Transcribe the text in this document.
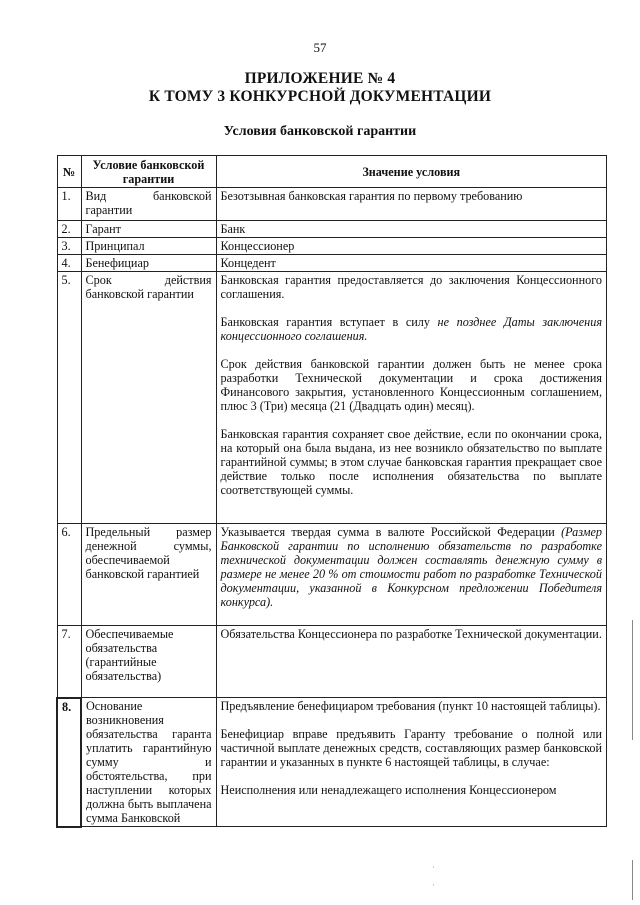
57
ПРИЛОЖЕНИЕ № 4
К ТОМУ 3 КОНКУРСНОЙ ДОКУМЕНТАЦИИ
Условия банковской гарантии
№	Условие банковской гарантии	Значение условия
1.	Вид банковской гарантии	Безотзывная банковская гарантия по первому требованию
2.	Гарант	Банк
3.	Принципал	Концессионер
4.	Бенефициар	Концедент
5.	Срок действия банковской гарантии	Банковская гарантия предоставляется до заключения Концессионного соглашения.
Банковская гарантия вступает в силу не позднее Даты заключения концессионного соглашения.
Срок действия банковской гарантии должен быть не менее срока разработки Технической документации и срока достижения Финансового закрытия, установленного Концессионным соглашением, плюс 3 (Три) месяца (21 (Двадцать один) месяц).
Банковская гарантия сохраняет свое действие, если по окончании срока, на который она была выдана, из нее возникло обязательство по выплате гарантийной суммы; в этом случае банковская гарантия прекращает свое действие только после исполнения обязательства по выплате соответствующей суммы.

6.	Предельный размер денежной суммы, обеспечиваемой банковской гарантией	Указывается твердая сумма в валюте Российской Федерации (Размер Банковской гарантии по исполнению обязательств по разработке технической документации должен составлять денежную сумму в размере не менее 20 % от стоимости работ по разработке Технической документации, указанной в Конкурсном предложении Победителя конкурса).

7.	Обеспечиваемые обязательства (гарантийные обязательства)	Обязательства Концессионера по разработке Технической документации.
8.	Основание возникновения обязательства гаранта уплатить гарантийную сумму и обстоятельства, при наступлении которых должна быть выплачена сумма Банковской	Предъявление бенефициаром требования (пункт 10 настоящей таблицы).
Бенефициар вправе предъявить Гаранту требование о полной или частичной выплате денежных средств, составляющих размер банковской гарантии и указанных в пункте 6 настоящей таблицы, в случае:
Неисполнения или ненадлежащего исполнения Концессионером
·
·
